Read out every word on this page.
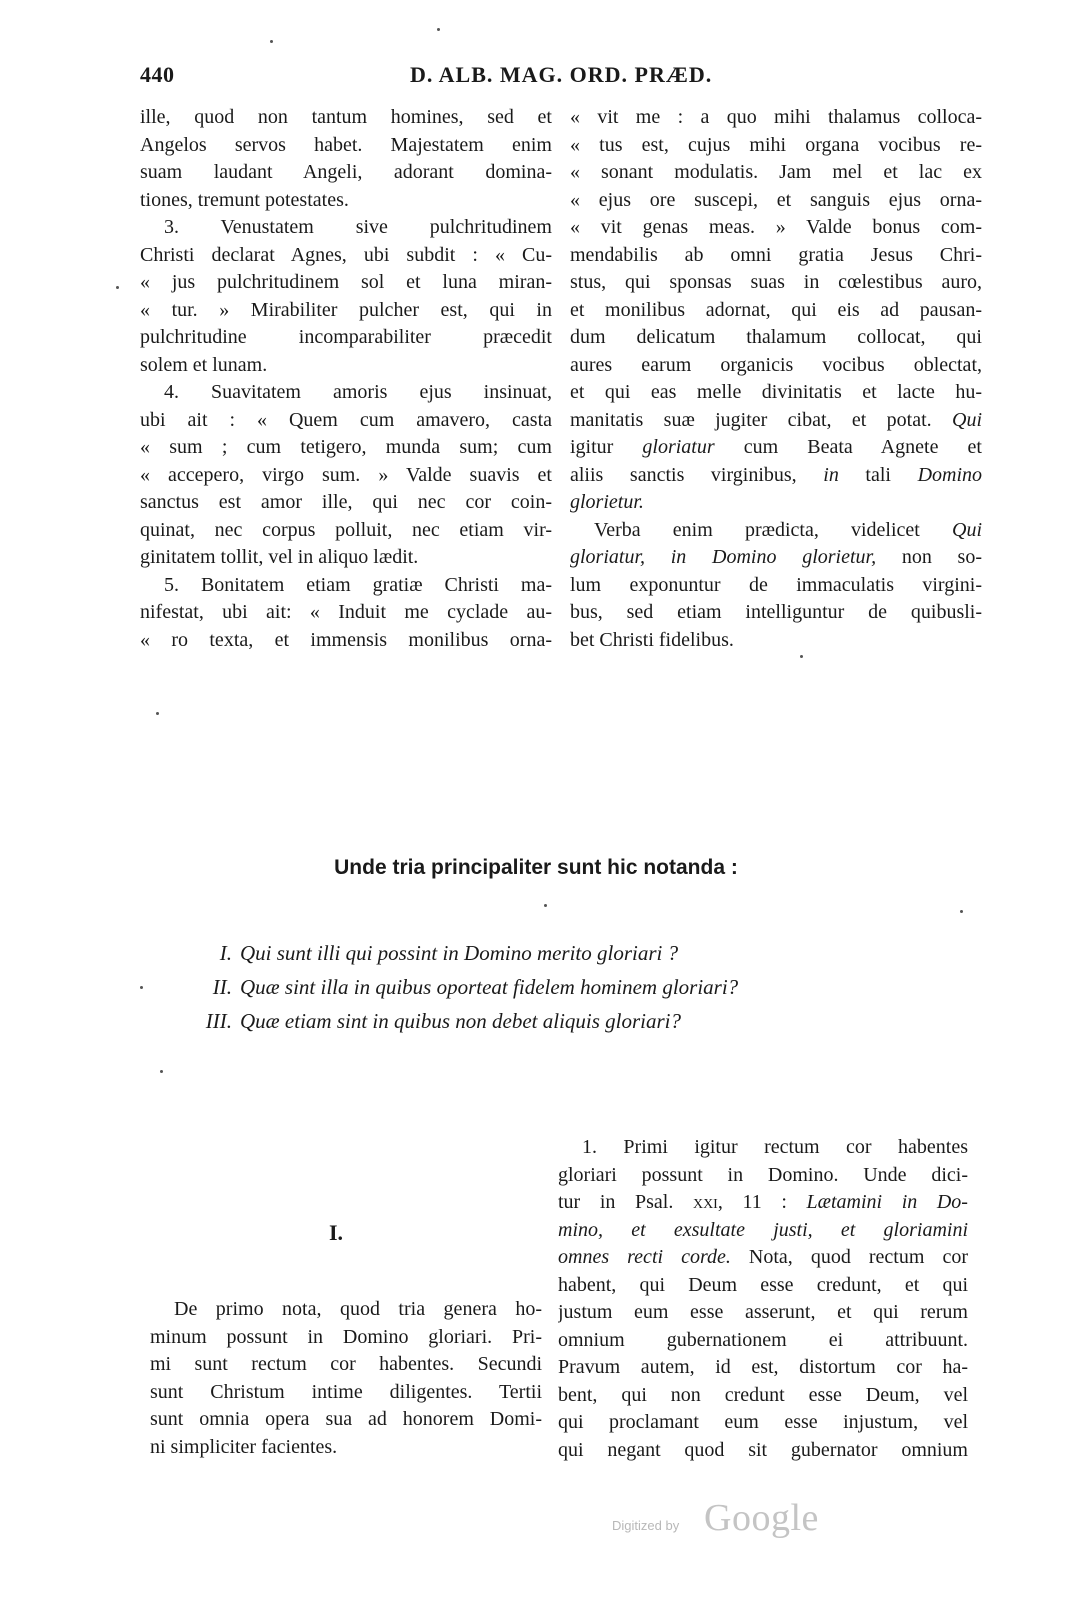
440	D. ALB. MAG. ORD. PRÆD.
ille, quod non tantum homines, sed et
Angelos servos habet. Majestatem enim
suam laudant Angeli, adorant domina-
tiones, tremunt potestates.
3. Venustatem sive pulchritudinem
Christi declarat Agnes, ubi subdit : « Cu-
« jus pulchritudinem sol et luna miran-
« tur. » Mirabiliter pulcher est, qui in
pulchritudine incomparabiliter præcedit
solem et lunam.
4. Suavitatem amoris ejus insinuat,
ubi ait : « Quem cum amavero, casta
« sum ; cum tetigero, munda sum; cum
« accepero, virgo sum. » Valde suavis et
sanctus est amor ille, qui nec cor coin-
quinat, nec corpus polluit, nec etiam vir-
ginitatem tollit, vel in aliquo lædit.
5. Bonitatem etiam gratiæ Christi ma-
nifestat, ubi ait: « Induit me cyclade au-
« ro texta, et immensis monilibus orna-
« vit me : a quo mihi thalamus colloca-
« tus est, cujus mihi organa vocibus re-
« sonant modulatis. Jam mel et lac ex
« ejus ore suscepi, et sanguis ejus orna-
« vit genas meas. » Valde bonus com-
mendabilis ab omni gratia Jesus Chri-
stus, qui sponsas suas in cœlestibus auro,
et monilibus adornat, qui eis ad pausan-
dum delicatum thalamum collocat, qui
aures earum organicis vocibus oblectat,
et qui eas melle divinitatis et lacte hu-
manitatis suæ jugiter cibat, et potat. Qui
igitur gloriatur cum Beata Agnete et
aliis sanctis virginibus, in tali Domino
glorietur.
Verba enim prædicta, videlicet Qui
gloriatur, in Domino glorietur, non so-
lum exponuntur de immaculatis virgini-
bus, sed etiam intelliguntur de quibusli-
bet Christi fidelibus.
Unde tria principaliter sunt hic notanda :
I. Qui sunt illi qui possint in Domino merito gloriari ?
II. Quæ sint illa in quibus oporteat fidelem hominem gloriari?
III. Quæ etiam sint in quibus non debet aliquis gloriari?
I.
De primo nota, quod tria genera ho-
minum possunt in Domino gloriari. Pri-
mi sunt rectum cor habentes. Secundi
sunt Christum intime diligentes. Tertii
sunt omnia opera sua ad honorem Domi-
ni simpliciter facientes.
1. Primi igitur rectum cor habentes
gloriari possunt in Domino. Unde dici-
tur in Psal. xxi, 11 : Lætamini in Do-
mino, et exsultate justi, et gloriamini
omnes recti corde. Nota, quod rectum cor
habent, qui Deum esse credunt, et qui
justum eum esse asserunt, et qui rerum
omnium gubernationem ei attribuunt.
Pravum autem, id est, distortum cor ha-
bent, qui non credunt esse Deum, vel
qui proclamant eum esse injustum, vel
qui negant quod sit gubernator omnium
Digitized by Google
